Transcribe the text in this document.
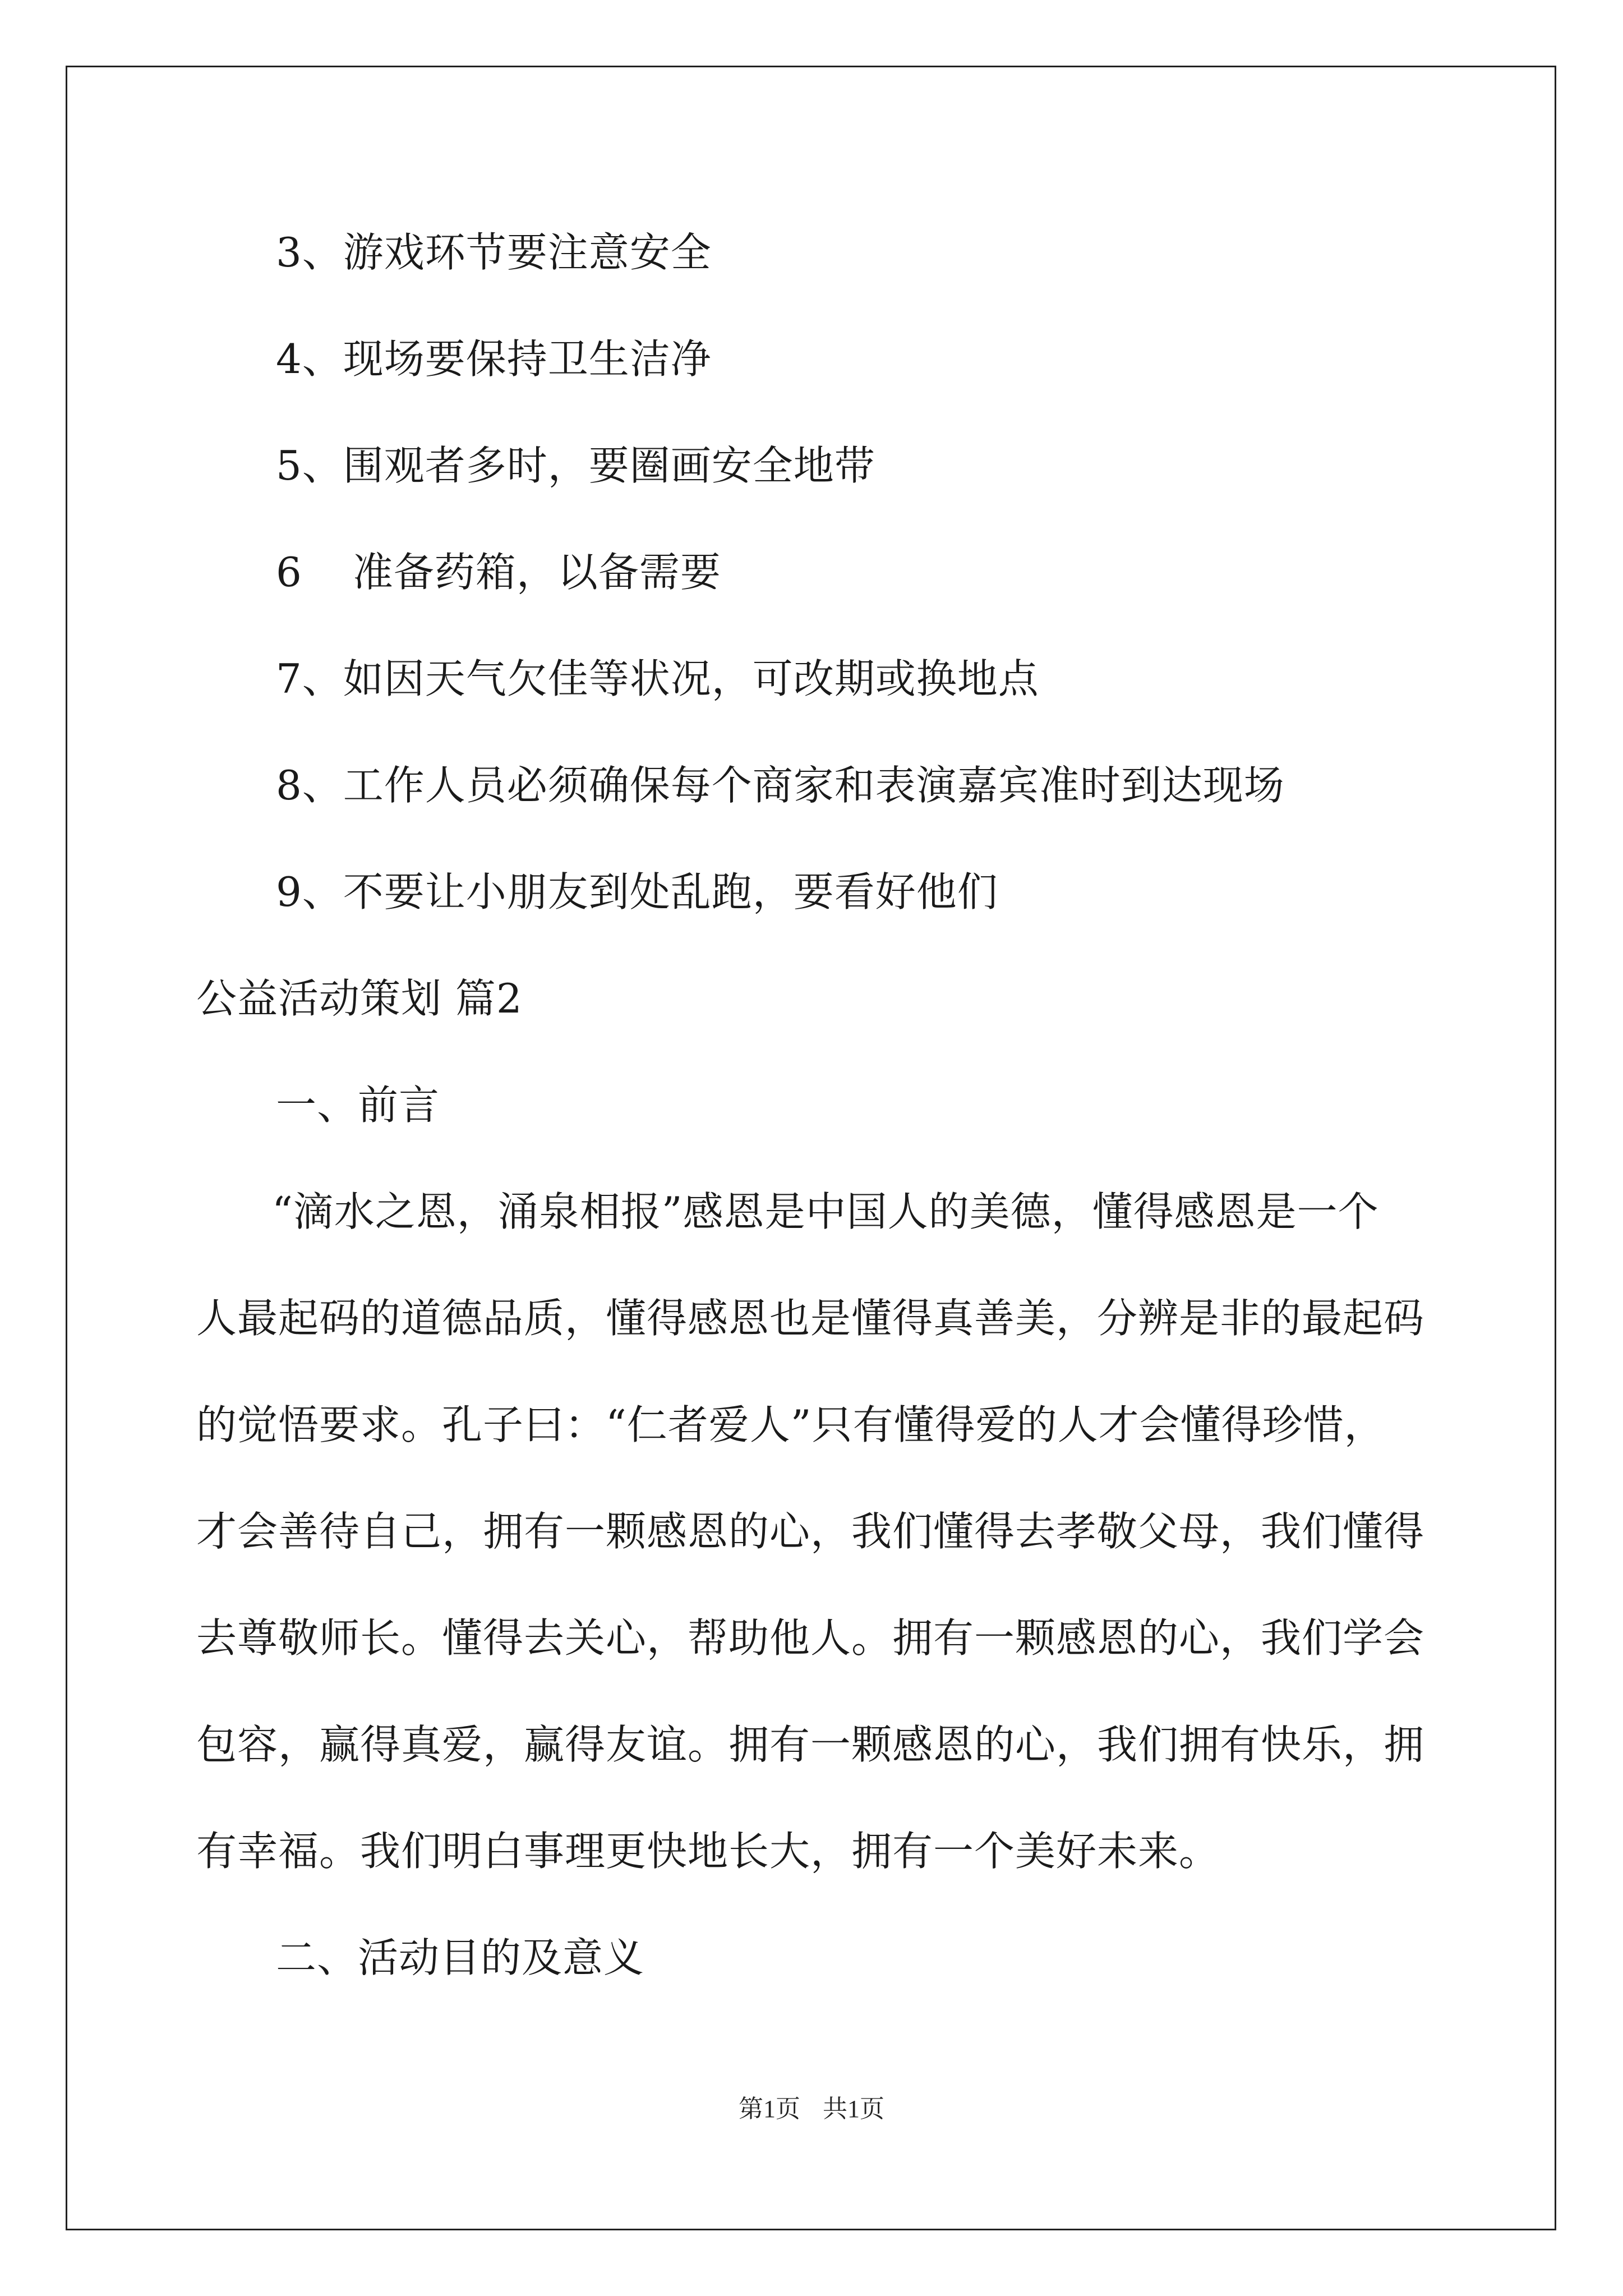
3、游戏环节要注意安全
4、现场要保持卫生洁净
5、围观者多时，要圈画安全地带
6 准备药箱，以备需要
7、如因天气欠佳等状况，可改期或换地点
8、工作人员必须确保每个商家和表演嘉宾准时到达现场
9、不要让小朋友到处乱跑，要看好他们
公益活动策划 篇2
一、前言
“滴水之恩，涌泉相报”感恩是中国人的美德，懂得感恩是一个
人最起码的道德品质，懂得感恩也是懂得真善美，分辨是非的最起码
的觉悟要求。孔子曰：“仁者爱人”只有懂得爱的人才会懂得珍惜，
才会善待自己，拥有一颗感恩的心，我们懂得去孝敬父母，我们懂得
去尊敬师长。懂得去关心，帮助他人。拥有一颗感恩的心，我们学会
包容，赢得真爱，赢得友谊。拥有一颗感恩的心，我们拥有快乐，拥
有幸福。我们明白事理更快地长大，拥有一个美好未来。
二、活动目的及意义
第1页 共1页
